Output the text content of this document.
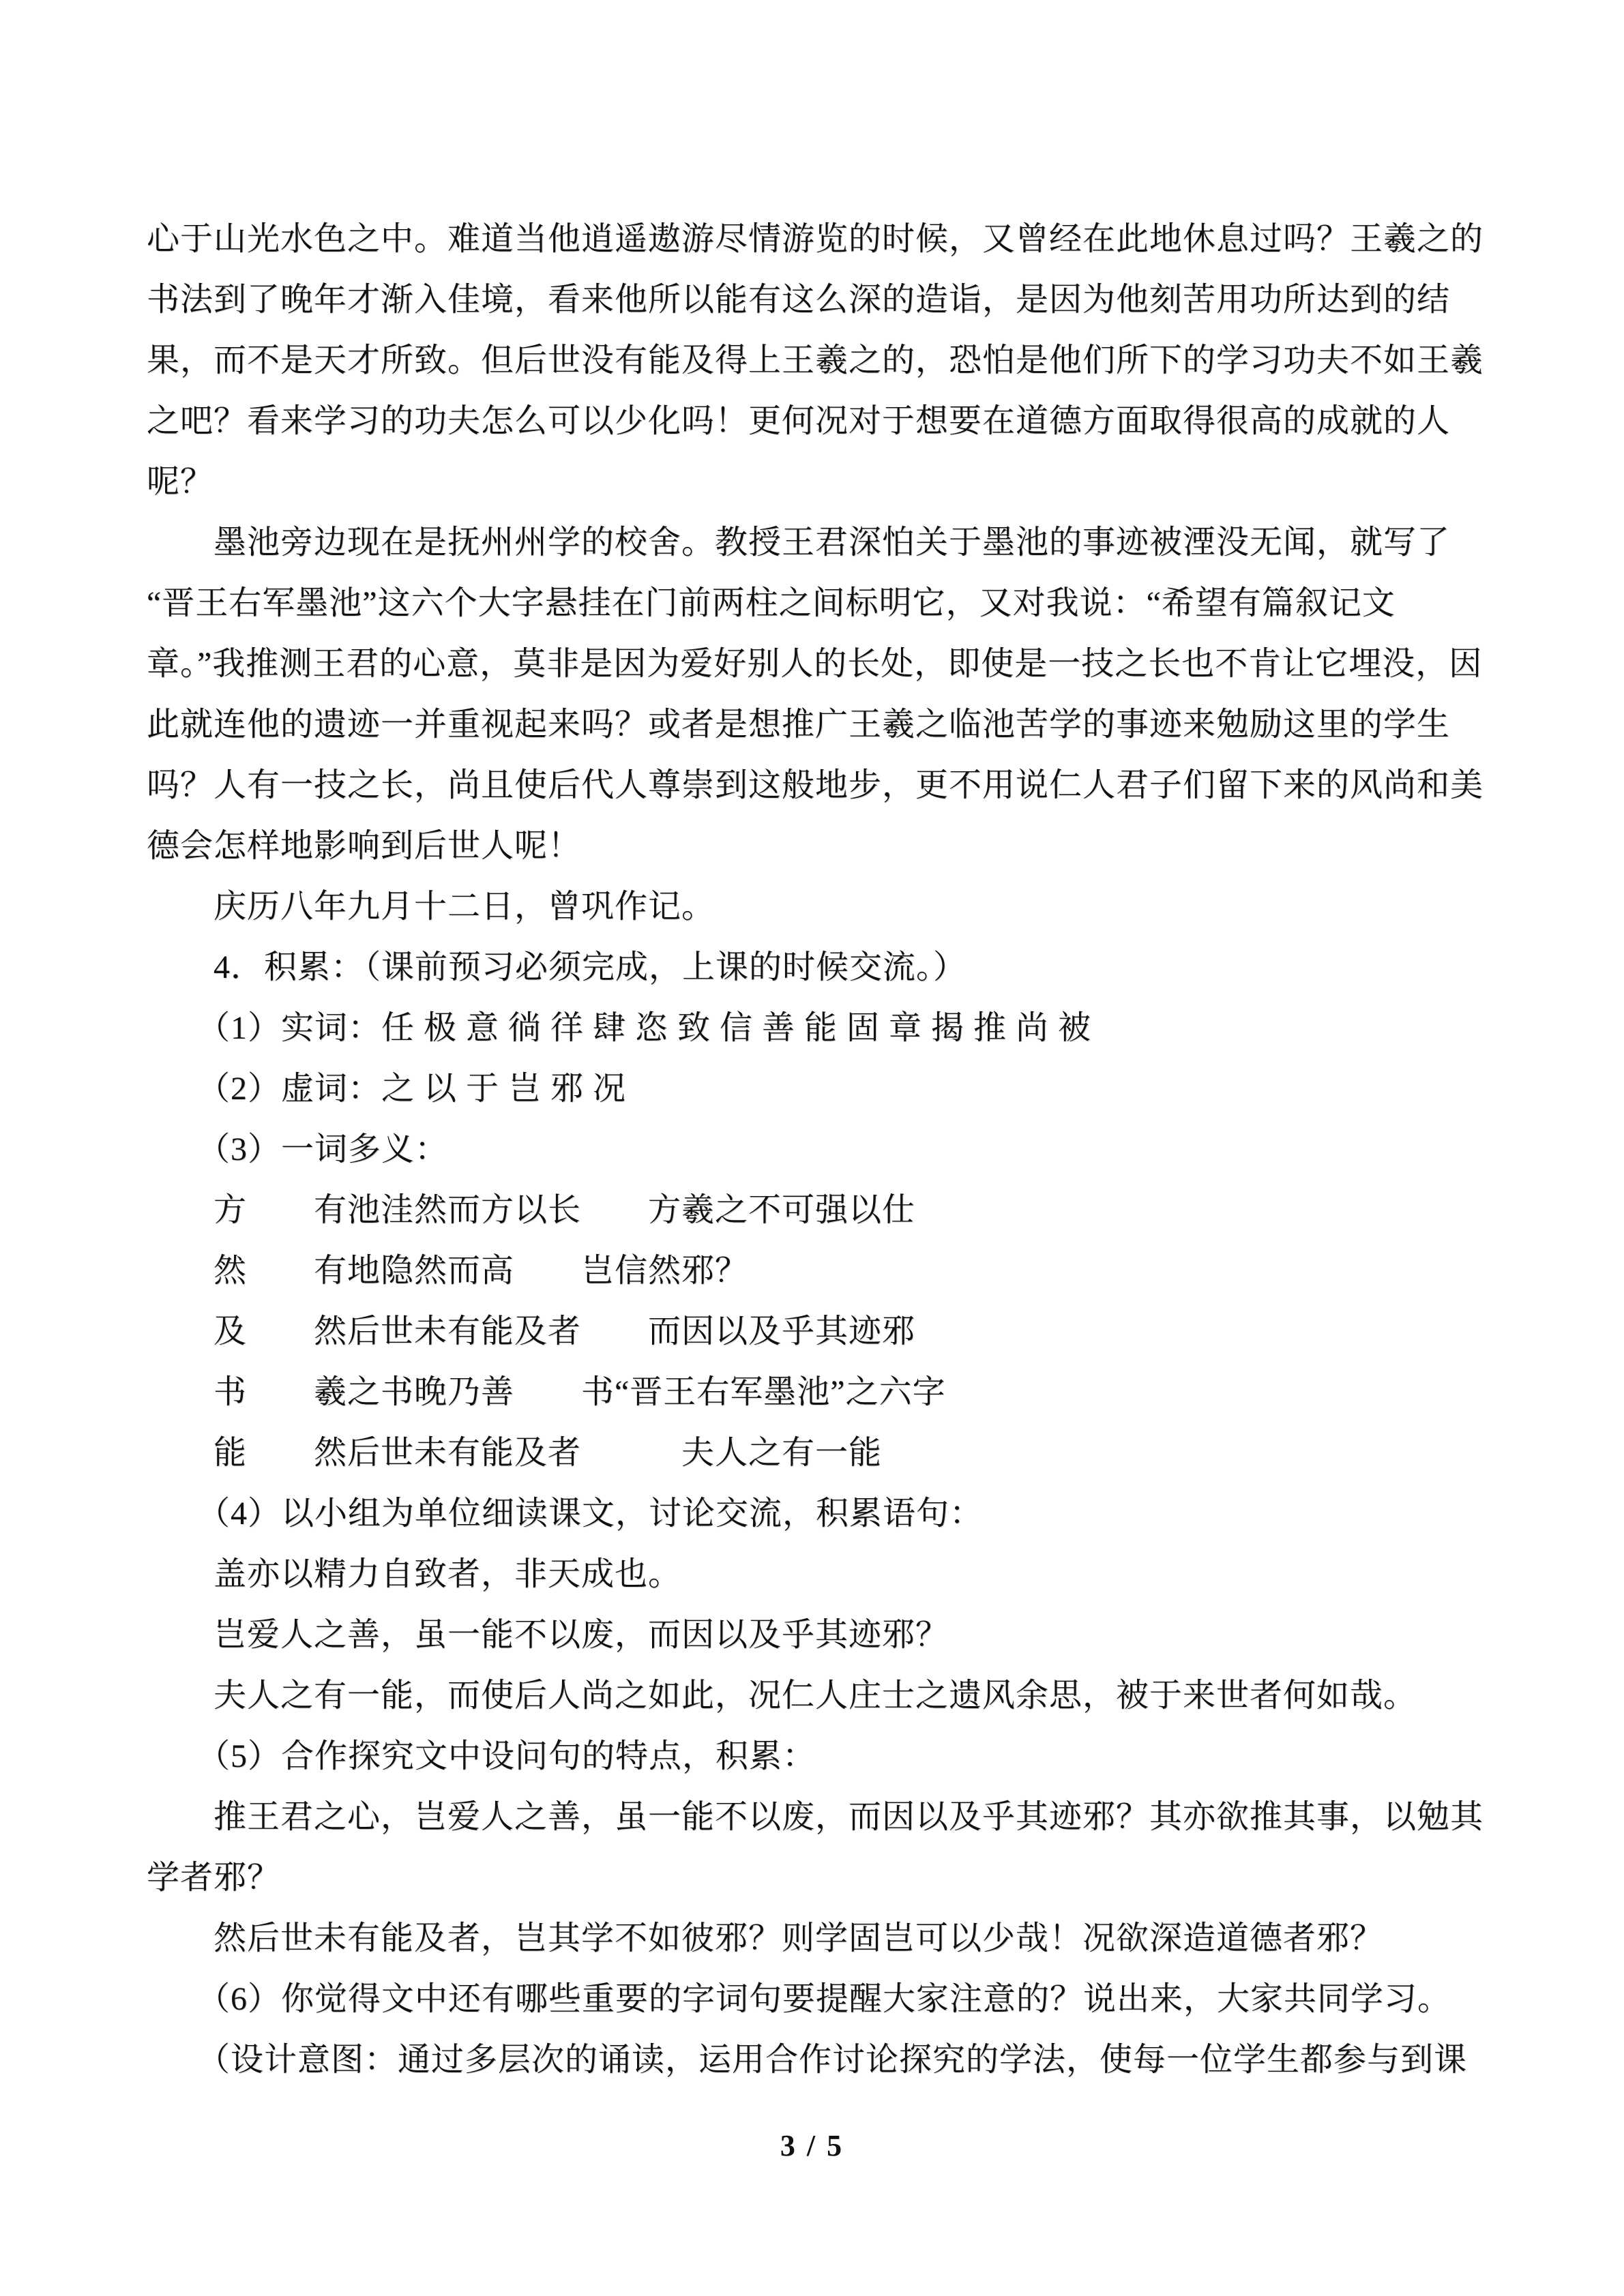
心于山光水色之中。难道当他逍遥遨游尽情游览的时候，又曾经在此地休息过吗？王羲之的
书法到了晚年才渐入佳境，看来他所以能有这么深的造诣，是因为他刻苦用功所达到的结
果，而不是天才所致。但后世没有能及得上王羲之的，恐怕是他们所下的学习功夫不如王羲
之吧？看来学习的功夫怎么可以少化吗！更何况对于想要在道德方面取得很高的成就的人
呢？
　　墨池旁边现在是抚州州学的校舍。教授王君深怕关于墨池的事迹被湮没无闻，就写了
“晋王右军墨池”这六个大字悬挂在门前两柱之间标明它，又对我说：“希望有篇叙记文
章。”我推测王君的心意，莫非是因为爱好别人的长处，即使是一技之长也不肯让它埋没，因
此就连他的遗迹一并重视起来吗？或者是想推广王羲之临池苦学的事迹来勉励这里的学生
吗？人有一技之长，尚且使后代人尊崇到这般地步，更不用说仁人君子们留下来的风尚和美
德会怎样地影响到后世人呢！
　　庆历八年九月十二日，曾巩作记。
　　4．积累：（课前预习必须完成，上课的时候交流。）
　　（1）实词：任 极 意 徜 徉 肆 恣 致 信 善 能 固 章 揭 推 尚 被
　　（2）虚词：之 以 于 岂 邪 况
　　（3）一词多义：
　　方　　有池洼然而方以长　　方羲之不可强以仕
　　然　　有地隐然而高　　岂信然邪？
　　及　　然后世未有能及者　　而因以及乎其迹邪
　　书　　羲之书晚乃善　　书“晋王右军墨池”之六字
　　能　　然后世未有能及者　　　夫人之有一能
　　（4）以小组为单位细读课文，讨论交流，积累语句：
　　盖亦以精力自致者，非天成也。
　　岂爱人之善，虽一能不以废，而因以及乎其迹邪？
　　夫人之有一能，而使后人尚之如此，况仁人庄士之遗风余思，被于来世者何如哉。
　　（5）合作探究文中设问句的特点，积累：
　　推王君之心，岂爱人之善，虽一能不以废，而因以及乎其迹邪？其亦欲推其事，以勉其
学者邪？
　　然后世未有能及者，岂其学不如彼邪？则学固岂可以少哉！况欲深造道德者邪？
　　（6）你觉得文中还有哪些重要的字词句要提醒大家注意的？说出来，大家共同学习。
　　（设计意图：通过多层次的诵读，运用合作讨论探究的学法，使每一位学生都参与到课
3 / 5
